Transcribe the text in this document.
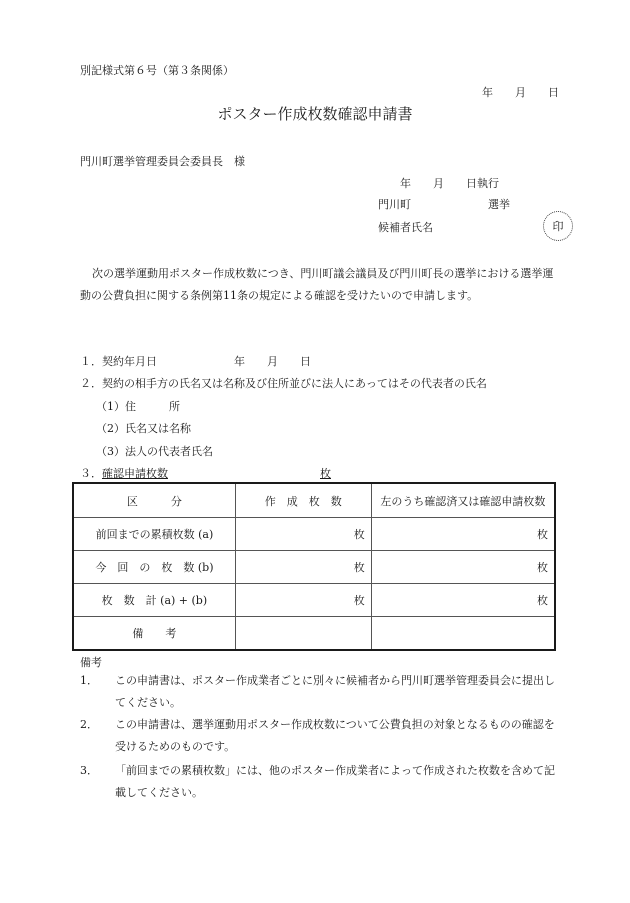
別記様式第６号（第３条関係）
年　　月　　日
ポスター作成枚数確認申請書
門川町選挙管理委員会委員長　様
年　　月　　日執行
門川町　　　　　　　選挙
候補者氏名	印
次の選挙運動用ポスター作成枚数につき、門川町議会議員及び門川町長の選挙における選挙運動の公費負担に関する条例第11条の規定による確認を受けたいので申請します。
１．契約年月日　　　　　　　年　　月　　日
２．契約の相手方の氏名又は名称及び住所並びに法人にあってはその代表者の氏名
（1）住　　　所
（2）氏名又は名称
（3）法人の代表者氏名
３．確認申請枚数	枚
区　　　分	作　成　枚　数	左のうち確認済又は確認申請枚数
前回までの累積枚数 (a)	枚	枚
今　回　の　枚　数 (b)	枚	枚
枚　数　計 (a) + (b)	枚	枚
備　　考		
備考
1． この申請書は、ポスター作成業者ごとに別々に候補者から門川町選挙管理委員会に提出してください。
2． この申請書は、選挙運動用ポスター作成枚数について公費負担の対象となるものの確認を受けるためのものです。
3． 「前回までの累積枚数」には、他のポスター作成業者によって作成された枚数を含めて記載してください。
